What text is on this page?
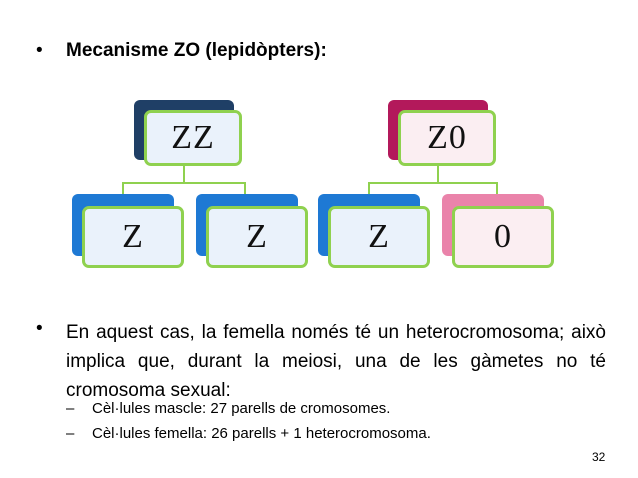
• Mecanisme ZO (lepidòpters):
ZZ
Z	Z
Z0
Z	0
• En aquest cas, la femella només té un heterocromosoma; això implica que, durant la meiosi, una de les gàmetes no té cromosoma sexual:
– Cèl·lules mascle: 27 parells de cromosomes.
– Cèl·lules femella: 26 parells + 1 heterocromosoma.
32
